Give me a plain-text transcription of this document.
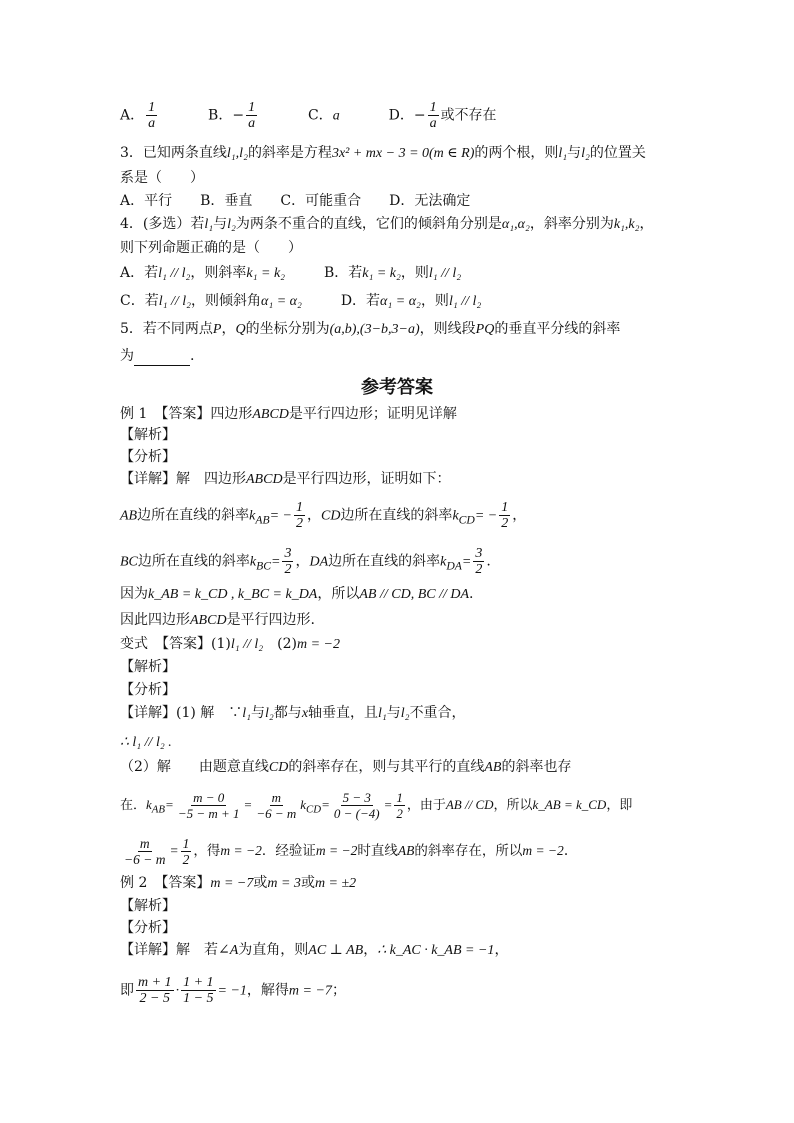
A． $\frac{1}{a}$	B．− $\frac{1}{a}$	C．a	D．− $\frac{1}{a}$ 或不存在
3．已知两条直线l₁,l₂的斜率是方程3x² + mx − 3 = 0(m ∈ R)的两个根，则l₁与l₂的位置关
系是（　　）
A．平行　　B．垂直　　C．可能重合　　D．无法确定
4．(多选）若l₁与l₂为两条不重合的直线，它们的倾斜角分别是α₁,α₂，斜率分别为k₁,k₂，
则下列命题正确的是（　　）
A．若l₁ // l₂，则斜率k₁ = k₂	B．若k₁ = k₂，则l₁ // l₂
C．若l₁ // l₂，则倾斜角α₁ = α₂	D．若α₁ = α₂，则l₁ // l₂
5．若不同两点P，Q的坐标分别为(a,b),(3−b,3−a)，则线段PQ的垂直平分线的斜率
为	.
参考答案
例 1　【答案】四边形ABCD是平行四边形；证明见详解
【解析】
【分析】
【详解】解　四边形ABCD是平行四边形，证明如下：
AB边所在直线的斜率$k_{AB}= - \frac{1}{2}$ ，CD边所在直线的斜率$k_{CD}= - \frac{1}{2}$ ，
BC边所在直线的斜率$k_{BC}= \frac{3}{2}$ ，DA边所在直线的斜率$k_{DA}= \frac{3}{2}$ .
因为k_AB = k_CD , k_BC = k_DA，所以AB // CD, BC // DA.
因此四边形ABCD是平行四边形.
变式　【答案】(1)l₁ // l₂　(2)m = −2
【解析】
【分析】
【详解】(1) 解　∵l₁与l₂都与x轴垂直，且l₁与l₂不重合，
∴ l₁ // l₂ .
（2）解　　由题意直线CD的斜率存在，则与其平行的直线AB的斜率也存
在．$k_{AB}= \frac{m - 0}{-5 - m + 1} = \frac{m}{-6 - m} k_{CD}= \frac{5 - 3}{0 - (-4)} = \frac{1}{2}$ ，由于AB // CD，所以k_AB = k_CD，即
$\frac{m}{-6 - m} = \frac{1}{2}$ ，得m = −2．经验证m = −2时直线AB的斜率存在，所以m = −2.
例 2　【答案】m = −7或m = 3或m = ±2
【解析】
【分析】
【详解】解　若∠A为直角，则AC ⊥ AB，∴ k_AC · k_AB = −1，
即 $\frac{m + 1}{2 - 5} \cdot \frac{1 + 1}{1 - 5} = -1$，解得m = −7；
